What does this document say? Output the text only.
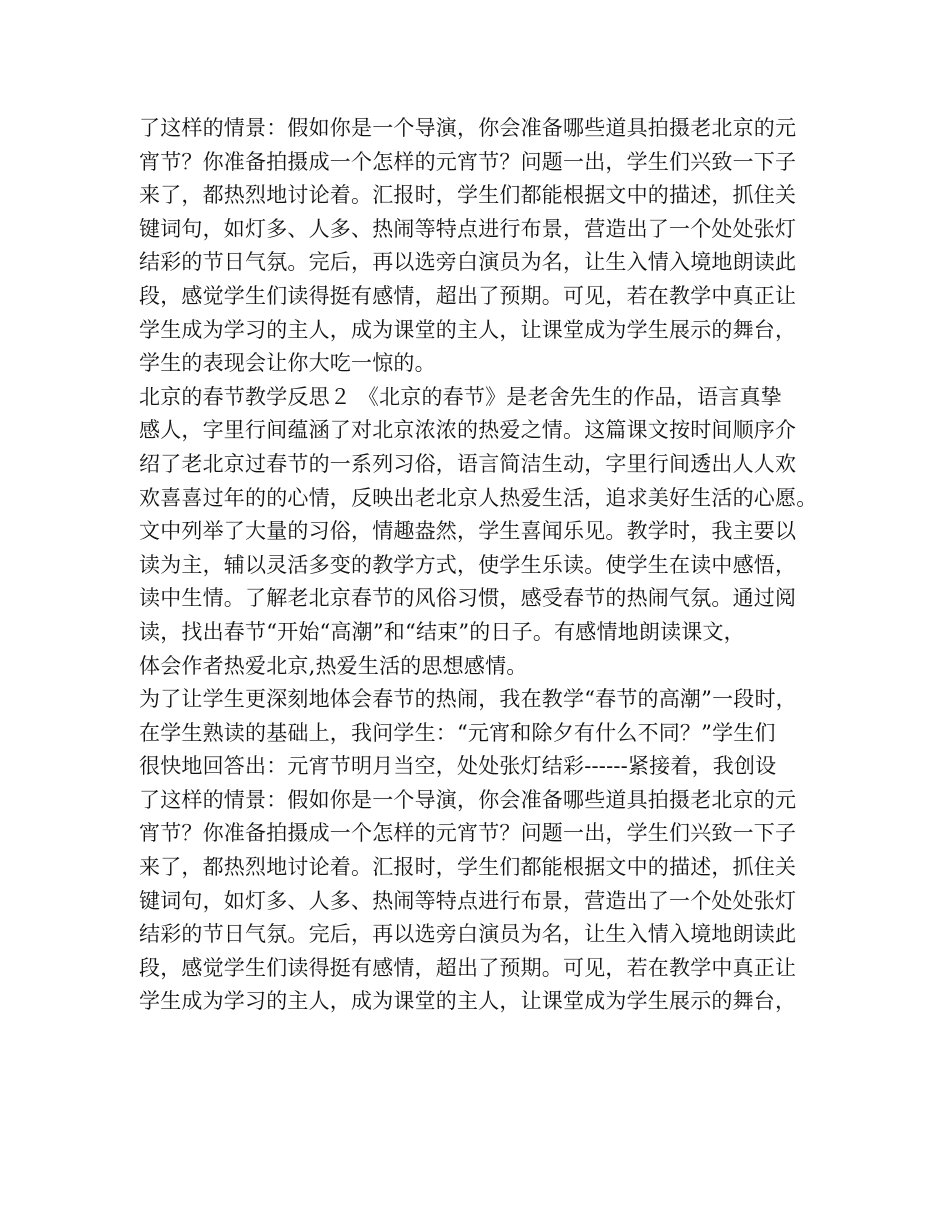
了这样的情景：假如你是一个导演，你会准备哪些道具拍摄老北京的元
宵节？你准备拍摄成一个怎样的元宵节？问题一出，学生们兴致一下子
来了，都热烈地讨论着。汇报时，学生们都能根据文中的描述，抓住关
键词句，如灯多、人多、热闹等特点进行布景，营造出了一个处处张灯
结彩的节日气氛。完后，再以选旁白演员为名，让生入情入境地朗读此
段，感觉学生们读得挺有感情，超出了预期。可见，若在教学中真正让
学生成为学习的主人，成为课堂的主人，让课堂成为学生展示的舞台，
学生的表现会让你大吃一惊的。
北京的春节教学反思２ 《北京的春节》是老舍先生的作品，语言真挚
感人，字里行间蕴涵了对北京浓浓的热爱之情。这篇课文按时间顺序介
绍了老北京过春节的一系列习俗，语言简洁生动，字里行间透出人人欢
欢喜喜过年的的心情，反映出老北京人热爱生活，追求美好生活的心愿。
文中列举了大量的习俗，情趣盎然，学生喜闻乐见。教学时，我主要以
读为主，辅以灵活多变的教学方式，使学生乐读。使学生在读中感悟，
读中生情。了解老北京春节的风俗习惯，感受春节的热闹气氛。通过阅
读，找出春节“开始“高潮”和“结束”的日子。有感情地朗读课文，
体会作者热爱北京,热爱生活的思想感情。
为了让学生更深刻地体会春节的热闹，我在教学“春节的高潮”一段时，
在学生熟读的基础上，我问学生：“元宵和除夕有什么不同？”学生们
很快地回答出：元宵节明月当空，处处张灯结彩------紧接着，我创设
了这样的情景：假如你是一个导演，你会准备哪些道具拍摄老北京的元
宵节？你准备拍摄成一个怎样的元宵节？问题一出，学生们兴致一下子
来了，都热烈地讨论着。汇报时，学生们都能根据文中的描述，抓住关
键词句，如灯多、人多、热闹等特点进行布景，营造出了一个处处张灯
结彩的节日气氛。完后，再以选旁白演员为名，让生入情入境地朗读此
段，感觉学生们读得挺有感情，超出了预期。可见，若在教学中真正让
学生成为学习的主人，成为课堂的主人，让课堂成为学生展示的舞台，
